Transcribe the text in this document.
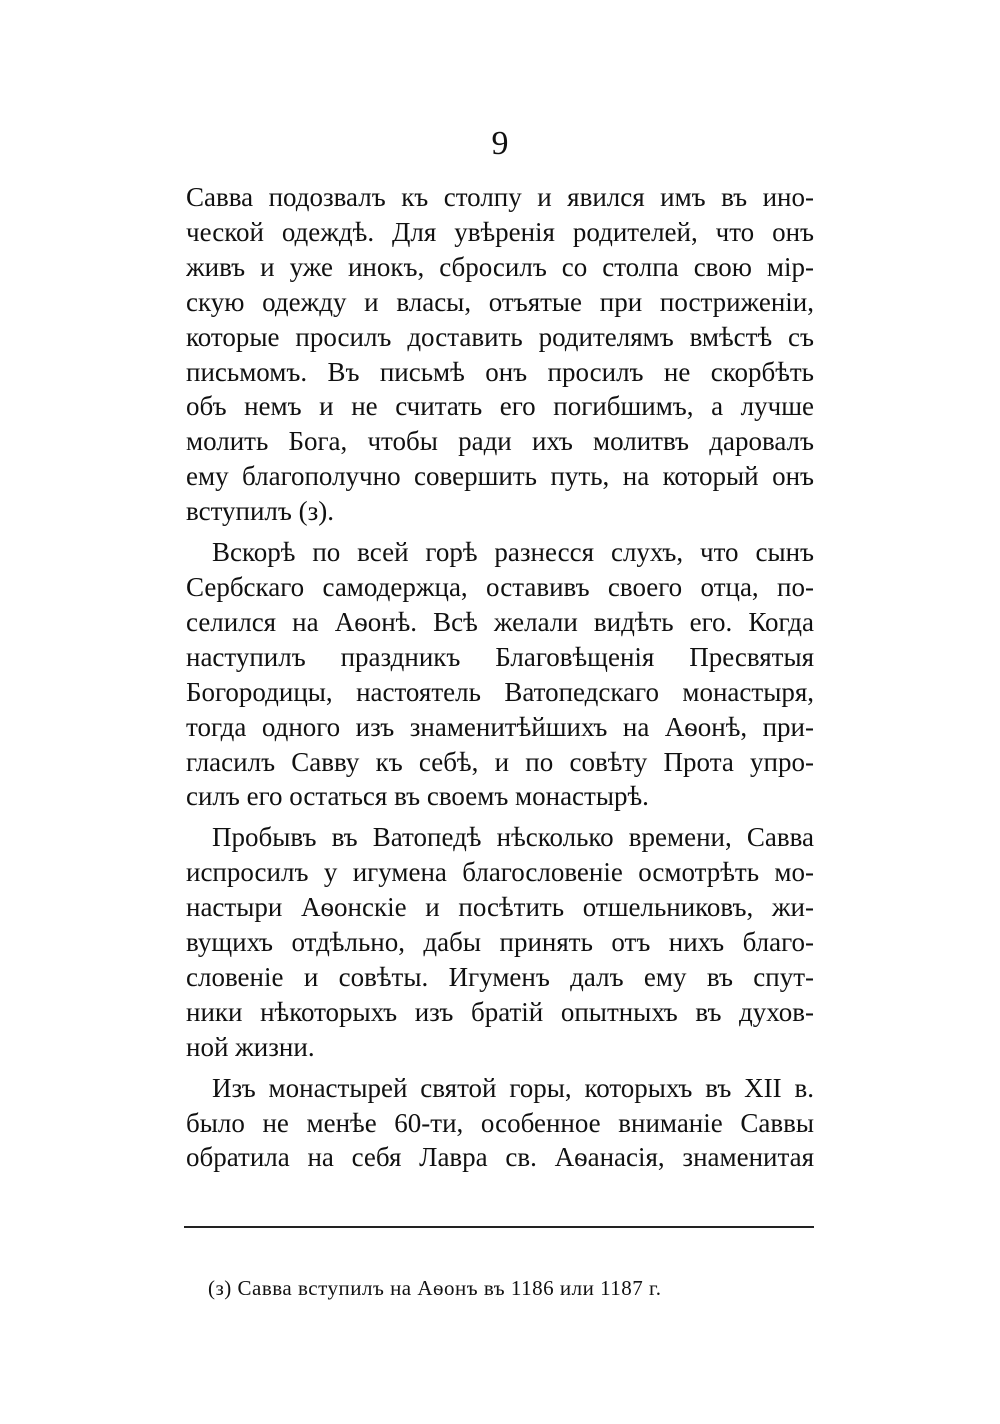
9
Савва подозвалъ къ столпу и явился имъ въ ино-
ческой одеждѣ. Для увѣренія родителей, что онъ
живъ и уже инокъ, сбросилъ со столпа свою мір-
скую одежду и власы, отъятые при постриженіи,
которые просилъ доставить родителямъ вмѣстѣ съ
письмомъ. Въ письмѣ онъ просилъ не скорбѣть
объ немъ и не считать его погибшимъ, а лучше
молить Бога, чтобы ради ихъ молитвъ даровалъ
ему благополучно совершить путь, на который онъ
вступилъ (з).
Вскорѣ по всей горѣ разнесся слухъ, что сынъ
Сербскаго самодержца, оставивъ своего отца, по-
селился на Аѳонѣ. Всѣ желали видѣть его. Когда
наступилъ праздникъ Благовѣщенія Пресвятыя
Богородицы, настоятель Ватопедскаго монастыря,
тогда одного изъ знаменитѣйшихъ на Аѳонѣ, при-
гласилъ Савву къ себѣ, и по совѣту Прота упро-
силъ его остаться въ своемъ монастырѣ.
Пробывъ въ Ватопедѣ нѣсколько времени, Савва
испросилъ у игумена благословеніе осмотрѣть мо-
настыри Аѳонскіе и посѣтить отшельниковъ, жи-
вущихъ отдѣльно, дабы принять отъ нихъ благо-
словеніе и совѣты. Игуменъ далъ ему въ спут-
ники нѣкоторыхъ изъ братій опытныхъ въ духов-
ной жизни.
Изъ монастырей святой горы, которыхъ въ XII в.
было не менѣе 60-ти, особенное вниманіе Саввы
обратила на себя Лавра св. Аѳанасія, знаменитая
(з) Савва вступилъ на Аѳонъ въ 1186 или 1187 г.
